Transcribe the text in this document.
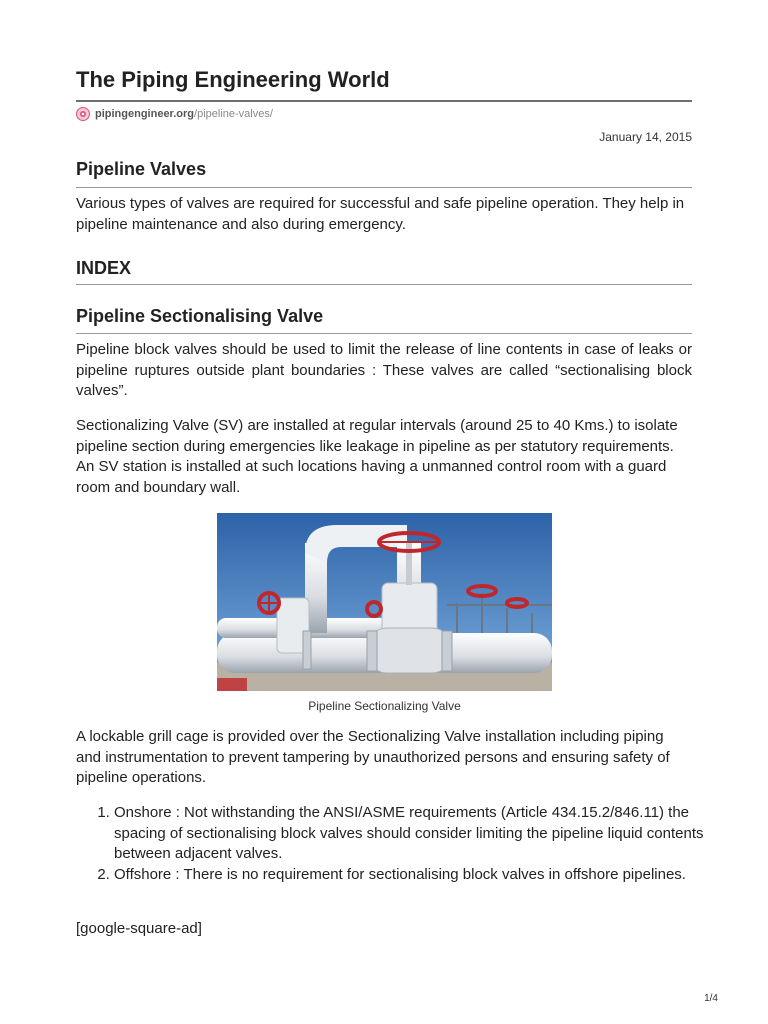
The Piping Engineering World
pipingengineer.org /pipeline-valves/
January 14, 2015
Pipeline Valves

Various types of valves are required for successful and safe pipeline operation. They help in pipeline maintenance and also during emergency.

INDEX
Pipeline Sectionalising Valve

Pipeline block valves should be used to limit the release of line contents in case of leaks or pipeline ruptures outside plant boundaries : These valves are called “sectionalising block valves”.

Sectionalizing Valve (SV) are installed at regular intervals (around 25 to 40 Kms.) to isolate pipeline section during emergencies like leakage in pipeline as per statutory requirements. An SV station is installed at such locations having a unmanned control room with a guard room and boundary wall.

Pipeline Sectionalizing Valve

A lockable grill cage is provided over the Sectionalizing Valve installation including piping and instrumentation to prevent tampering by unauthorized persons and ensuring safety of pipeline operations.

1. Onshore : Not withstanding the ANSI/ASME requirements (Article 434.15.2/846.11) the spacing of sectionalising block valves should consider limiting the pipeline liquid contents between adjacent valves.
2. Offshore : There is no requirement for sectionalising block valves in offshore pipelines.

[google-square-ad]

1/4
